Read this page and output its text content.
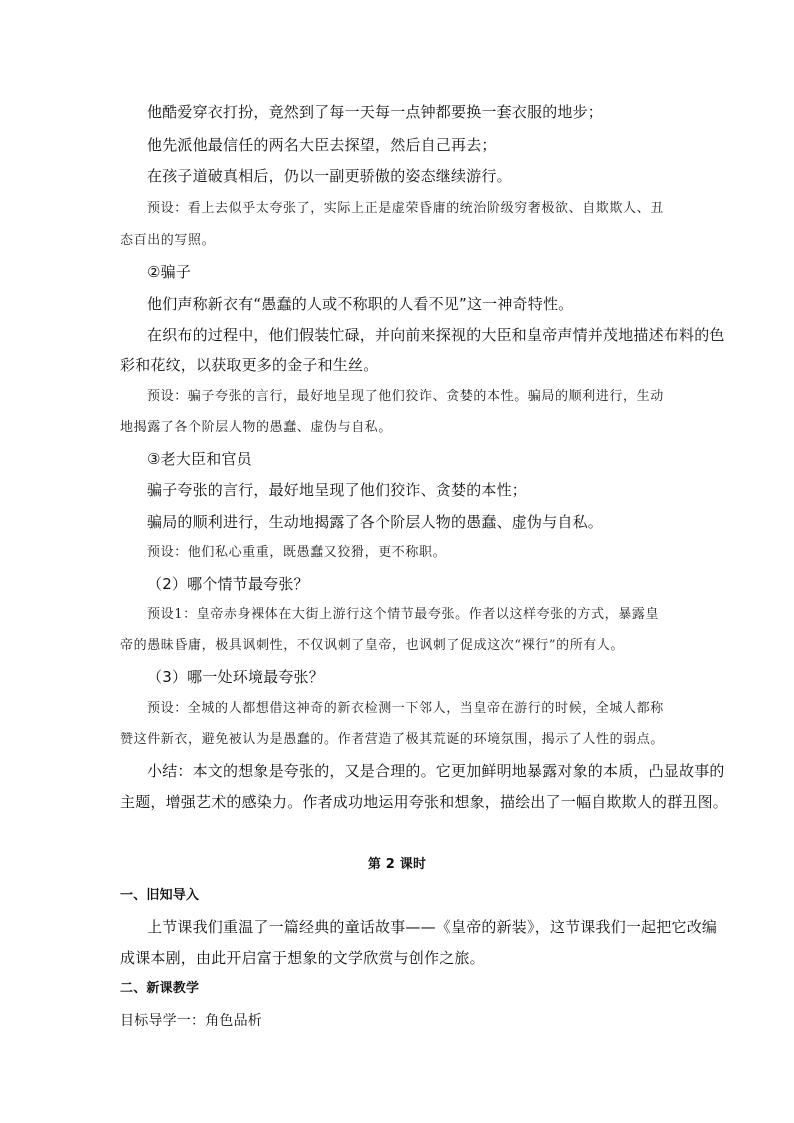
他酷爱穿衣打扮，竟然到了每一天每一点钟都要换一套衣服的地步；
他先派他最信任的两名大臣去探望，然后自己再去；
在孩子道破真相后，仍以一副更骄傲的姿态继续游行。
预设：看上去似乎太夸张了，实际上正是虚荣昏庸的统治阶级穷奢极欲、自欺欺人、丑
态百出的写照。
②骗子
他们声称新衣有“愚蠢的人或不称职的人看不见”这一神奇特性。
在织布的过程中，他们假装忙碌，并向前来探视的大臣和皇帝声情并茂地描述布料的色
彩和花纹，以获取更多的金子和生丝。
预设：骗子夸张的言行，最好地呈现了他们狡诈、贪婪的本性。骗局的顺利进行，生动
地揭露了各个阶层人物的愚蠢、虚伪与自私。
③老大臣和官员
骗子夸张的言行，最好地呈现了他们狡诈、贪婪的本性；
骗局的顺利进行，生动地揭露了各个阶层人物的愚蠢、虚伪与自私。
预设：他们私心重重，既愚蠢又狡猾，更不称职。
（2）哪个情节最夸张？
预设1：皇帝赤身裸体在大街上游行这个情节最夸张。作者以这样夸张的方式，暴露皇
帝的愚昧昏庸，极具讽刺性，不仅讽刺了皇帝，也讽刺了促成这次“裸行”的所有人。
（3）哪一处环境最夸张？
预设：全城的人都想借这神奇的新衣检测一下邻人，当皇帝在游行的时候，全城人都称
赞这件新衣，避免被认为是愚蠢的。作者营造了极其荒诞的环境氛围，揭示了人性的弱点。
小结：本文的想象是夸张的，又是合理的。它更加鲜明地暴露对象的本质，凸显故事的
主题，增强艺术的感染力。作者成功地运用夸张和想象，描绘出了一幅自欺欺人的群丑图。
第 2 课时
一、旧知导入
上节课我们重温了一篇经典的童话故事——《皇帝的新装》，这节课我们一起把它改编
成课本剧，由此开启富于想象的文学欣赏与创作之旅。
二、新课教学
目标导学一：角色品析
